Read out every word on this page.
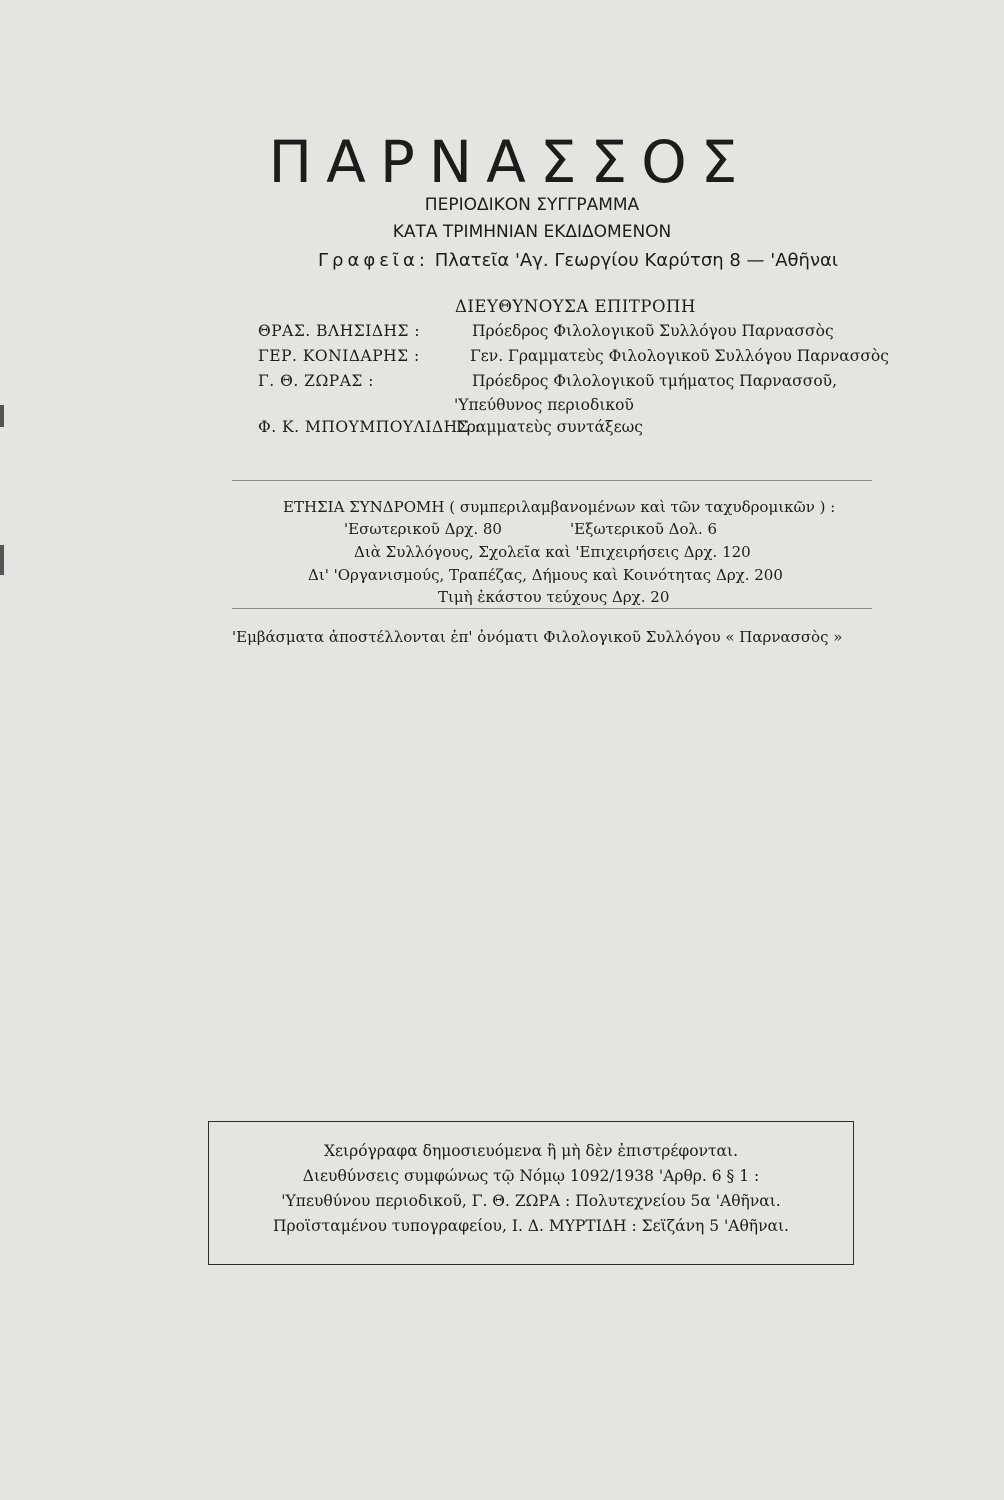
ΠΑΡΝΑΣΣΟΣ
ΠΕΡΙΟΔΙΚΟΝ ΣΥΓΓΡΑΜΜΑ
ΚΑΤΑ ΤΡΙΜΗΝΙΑΝ ΕΚΔΙΔΟΜΕΝΟΝ
Γραφεῖα: Πλατεῖα 'Αγ. Γεωργίου Καρύτση 8 — 'Αθῆναι
ΔΙΕΥΘΥΝΟΥΣΑ ΕΠΙΤΡΟΠΗ
ΘΡΑΣ. ΒΛΗΣΙΔΗΣ :	Πρόεδρος Φιλολογικοῦ Συλλόγου Παρνασσὸς
ΓΕΡ. ΚΟΝΙΔΑΡΗΣ :	Γεν. Γραμματεὺς Φιλολογικοῦ Συλλόγου Παρνασσὸς
Γ. Θ. ΖΩΡΑΣ :	Πρόεδρος Φιλολογικοῦ τμήματος Παρνασσοῦ,
'Υπεύθυνος περιοδικοῦ
Φ. Κ. ΜΠΟΥΜΠΟΥΛΙΔΗΣ :
Γραμματεὺς συντάξεως
ΕΤΗΣΙΑ ΣΥΝΔΡΟΜΗ ( συμπεριλαμβανομένων καὶ τῶν ταχυδρομικῶν ) :
'Εσωτερικοῦ Δρχ. 80	'Εξωτερικοῦ Δολ. 6
Διὰ Συλλόγους, Σχολεῖα καὶ 'Επιχειρήσεις Δρχ. 120
Δι' 'Οργανισμούς, Τραπέζας, Δήμους καὶ Κοινότητας Δρχ. 200
Τιμὴ ἑκάστου τεύχους Δρχ. 20
'Εμβάσματα ἀποστέλλονται ἐπ' ὀνόματι Φιλολογικοῦ Συλλόγου « Παρνασσὸς »
Χειρόγραφα δημοσιευόμενα ἢ μὴ δὲν ἐπιστρέφονται.
Διευθύνσεις συμφώνως τῷ Νόμῳ 1092/1938 'Αρθρ. 6 § 1 :
'Υπευθύνου περιοδικοῦ, Γ. Θ. ΖΩΡΑ : Πολυτεχνείου 5α 'Αθῆναι.
Προϊσταμένου τυπογραφείου, Ι. Δ. ΜΥΡΤΙΔΗ : Σεϊζάνη 5 'Αθῆναι.
